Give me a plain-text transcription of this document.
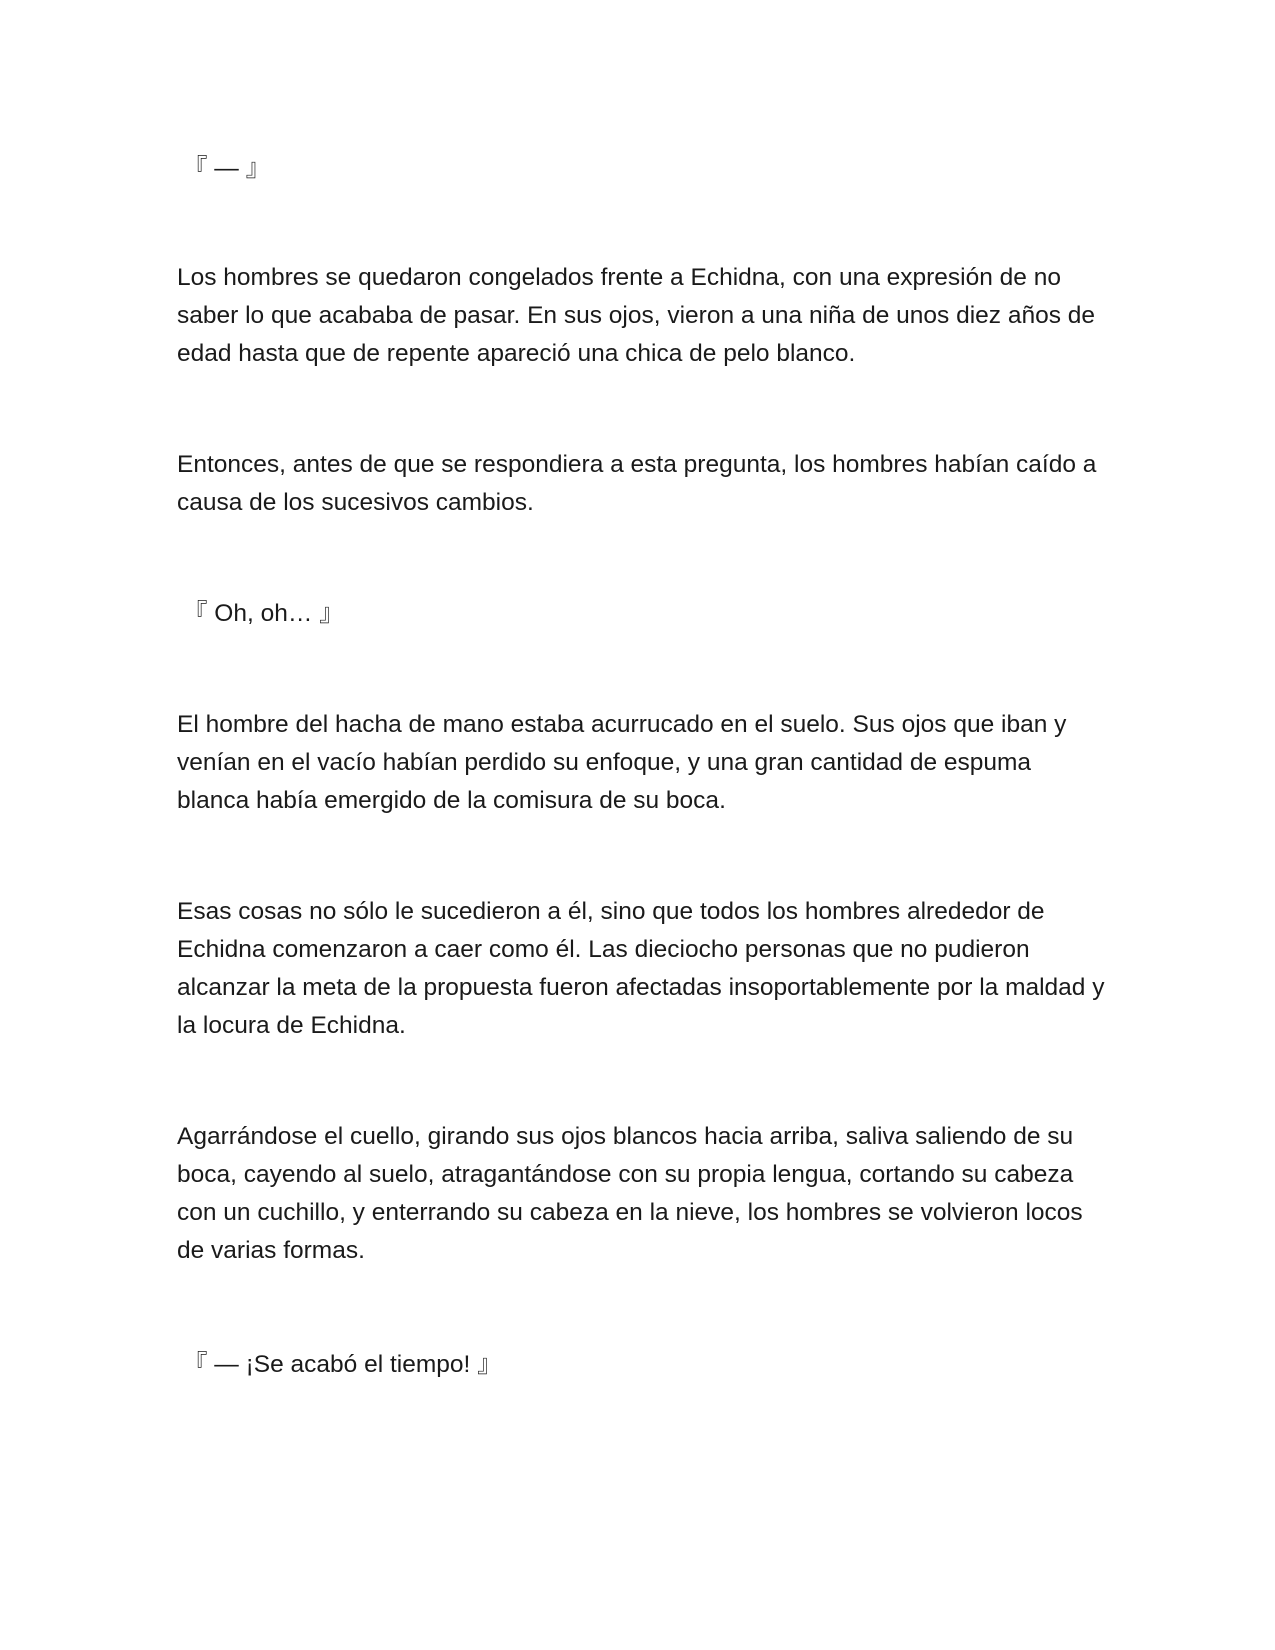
『 — 』

Los hombres se quedaron congelados frente a Echidna, con una expresión de no saber lo que acababa de pasar. En sus ojos, vieron a una niña de unos diez años de edad hasta que de repente apareció una chica de pelo blanco.

Entonces, antes de que se respondiera a esta pregunta, los hombres habían caído a causa de los sucesivos cambios.

『 Oh, oh… 』

El hombre del hacha de mano estaba acurrucado en el suelo. Sus ojos que iban y venían en el vacío habían perdido su enfoque, y una gran cantidad de espuma blanca había emergido de la comisura de su boca.

Esas cosas no sólo le sucedieron a él, sino que todos los hombres alrededor de Echidna comenzaron a caer como él. Las dieciocho personas que no pudieron alcanzar la meta de la propuesta fueron afectadas insoportablemente por la maldad y la locura de Echidna.

Agarrándose el cuello, girando sus ojos blancos hacia arriba, saliva saliendo de su boca, cayendo al suelo, atragantándose con su propia lengua, cortando su cabeza con un cuchillo, y enterrando su cabeza en la nieve, los hombres se volvieron locos de varias formas.

『 — ¡Se acabó el tiempo! 』
